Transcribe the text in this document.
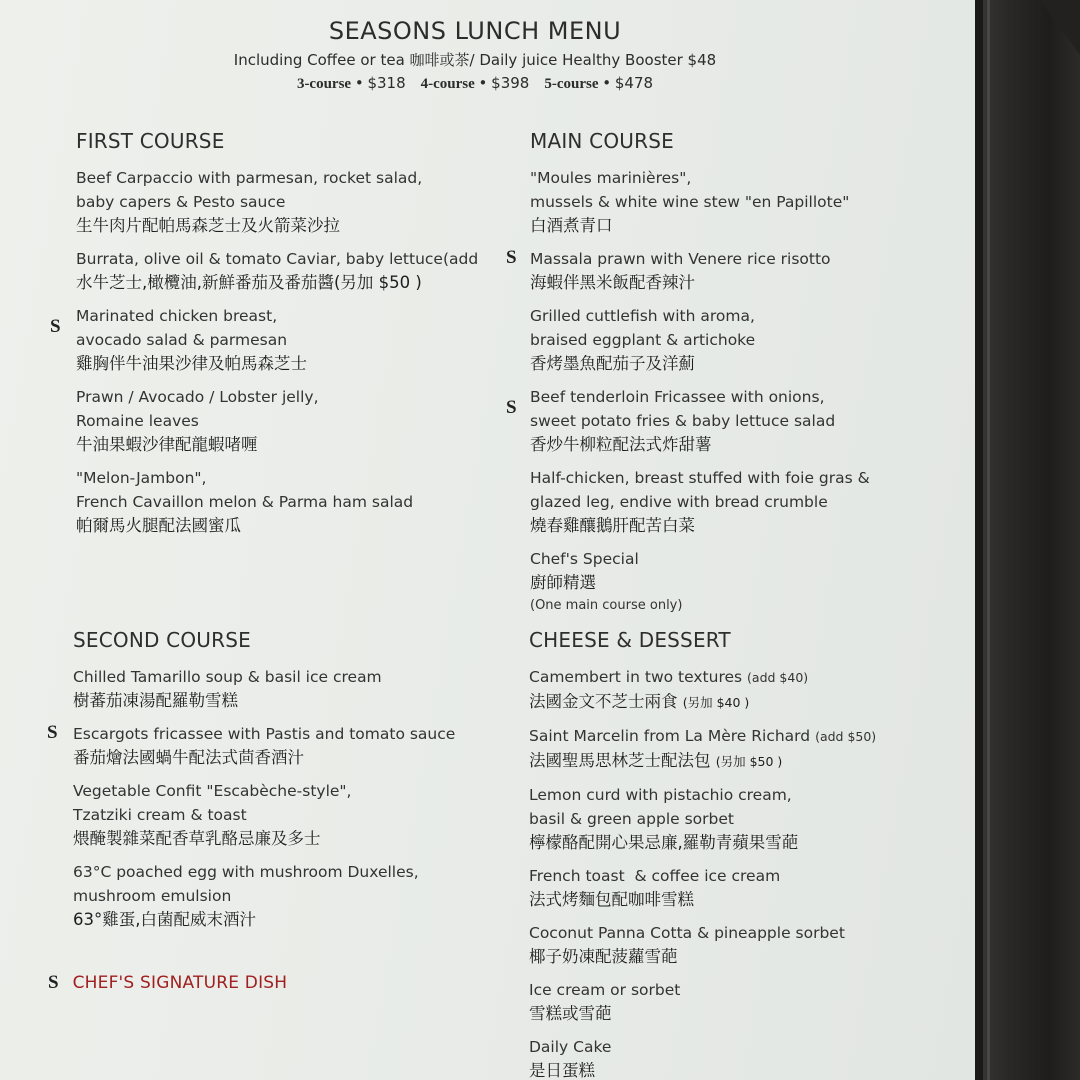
SEASONS LUNCH MENU
Including Coffee or tea 咖啡或茶/ Daily juice Healthy Booster $48
3-course • $318 4-course • $398 5-course • $478
FIRST COURSE
Beef Carpaccio with parmesan, rocket salad,
baby capers & Pesto sauce
生牛肉片配帕馬森芝士及火箭菜沙拉
Burrata, olive oil & tomato Caviar, baby lettuce(add
水牛芝士,橄欖油,新鮮番茄及番茄醬(另加 $50 )
S Marinated chicken breast,
avocado salad & parmesan
雞胸伴牛油果沙律及帕馬森芝士
Prawn / Avocado / Lobster jelly,
Romaine leaves
牛油果蝦沙律配龍蝦啫喱
"Melon-Jambon",
French Cavaillon melon & Parma ham salad
帕爾馬火腿配法國蜜瓜
SECOND COURSE
Chilled Tamarillo soup & basil ice cream
樹蕃茄凍湯配羅勒雪糕
S Escargots fricassee with Pastis and tomato sauce
番茄燴法國蝸牛配法式茴香酒汁
Vegetable Confit "Escabèche-style",
Tzatziki cream & toast
煨醃製雜菜配香草乳酪忌廉及多士
63°C poached egg with mushroom Duxelles,
mushroom emulsion
63°雞蛋,白菌配威末酒汁
S CHEF'S SIGNATURE DISH
MAIN COURSE
"Moules marinières",
mussels & white wine stew "en Papillote"
白酒煮青口
S Massala prawn with Venere rice risotto
海蝦伴黑米飯配香辣汁
Grilled cuttlefish with aroma,
braised eggplant & artichoke
香烤墨魚配茄子及洋薊
S Beef tenderloin Fricassee with onions,
sweet potato fries & baby lettuce salad
香炒牛柳粒配法式炸甜薯
Half-chicken, breast stuffed with foie gras &
glazed leg, endive with bread crumble
燒春雞釀鵝肝配苦白菜
Chef's Special
廚師精選
(One main course only)
CHEESE & DESSERT
Camembert in two textures (add $40)
法國金文不芝士兩食 (另加 $40 )
Saint Marcelin from La Mère Richard (add $50)
法國聖馬思林芝士配法包 (另加 $50 )
Lemon curd with pistachio cream,
basil & green apple sorbet
檸檬酪配開心果忌廉,羅勒青蘋果雪葩
French toast  & coffee ice cream
法式烤麵包配咖啡雪糕
Coconut Panna Cotta & pineapple sorbet
椰子奶凍配菠蘿雪葩
Ice cream or sorbet
雪糕或雪葩
Daily Cake
是日蛋糕
